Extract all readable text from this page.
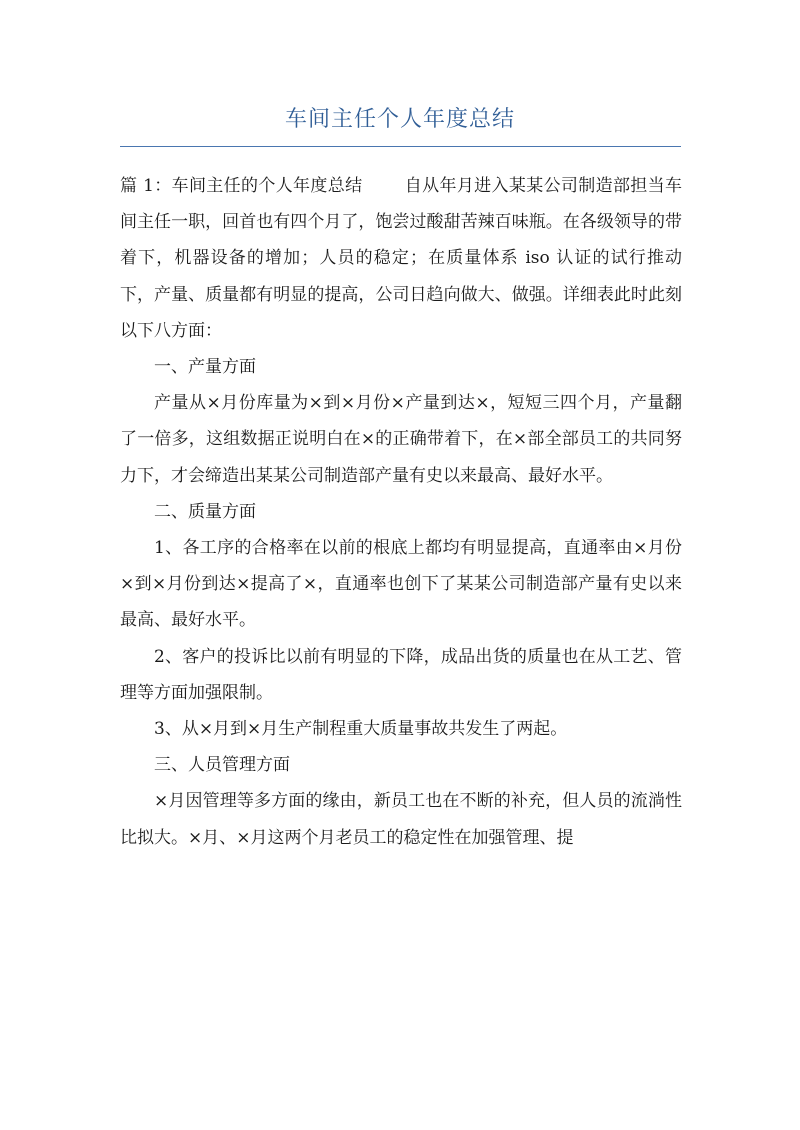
车间主任个人年度总结

篇 1：车间主任的个人年度总结 自从年月进入某某公司制造部担当车间主任一职，回首也有四个月了，饱尝过酸甜苦辣百味瓶。在各级领导的带着下，机器设备的增加；人员的稳定；在质量体系 iso 认证的试行推动下，产量、质量都有明显的提高，公司日趋向做大、做强。详细表此时此刻以下八方面：

一、产量方面

产量从×月份库量为×到×月份×产量到达×，短短三四个月，产量翻了一倍多，这组数据正说明白在×的正确带着下，在×部全部员工的共同努力下，才会缔造出某某公司制造部产量有史以来最高、最好水平。

二、质量方面

1、各工序的合格率在以前的根底上都均有明显提高，直通率由×月份×到×月份到达×提高了×，直通率也创下了某某公司制造部产量有史以来最高、最好水平。

2、客户的投诉比以前有明显的下降，成品出货的质量也在从工艺、管理等方面加强限制。

3、从×月到×月生产制程重大质量事故共发生了两起。

三、人员管理方面

×月因管理等多方面的缘由，新员工也在不断的补充，但人员的流淌性比拟大。×月、×月这两个月老员工的稳定性在加强管理、提
